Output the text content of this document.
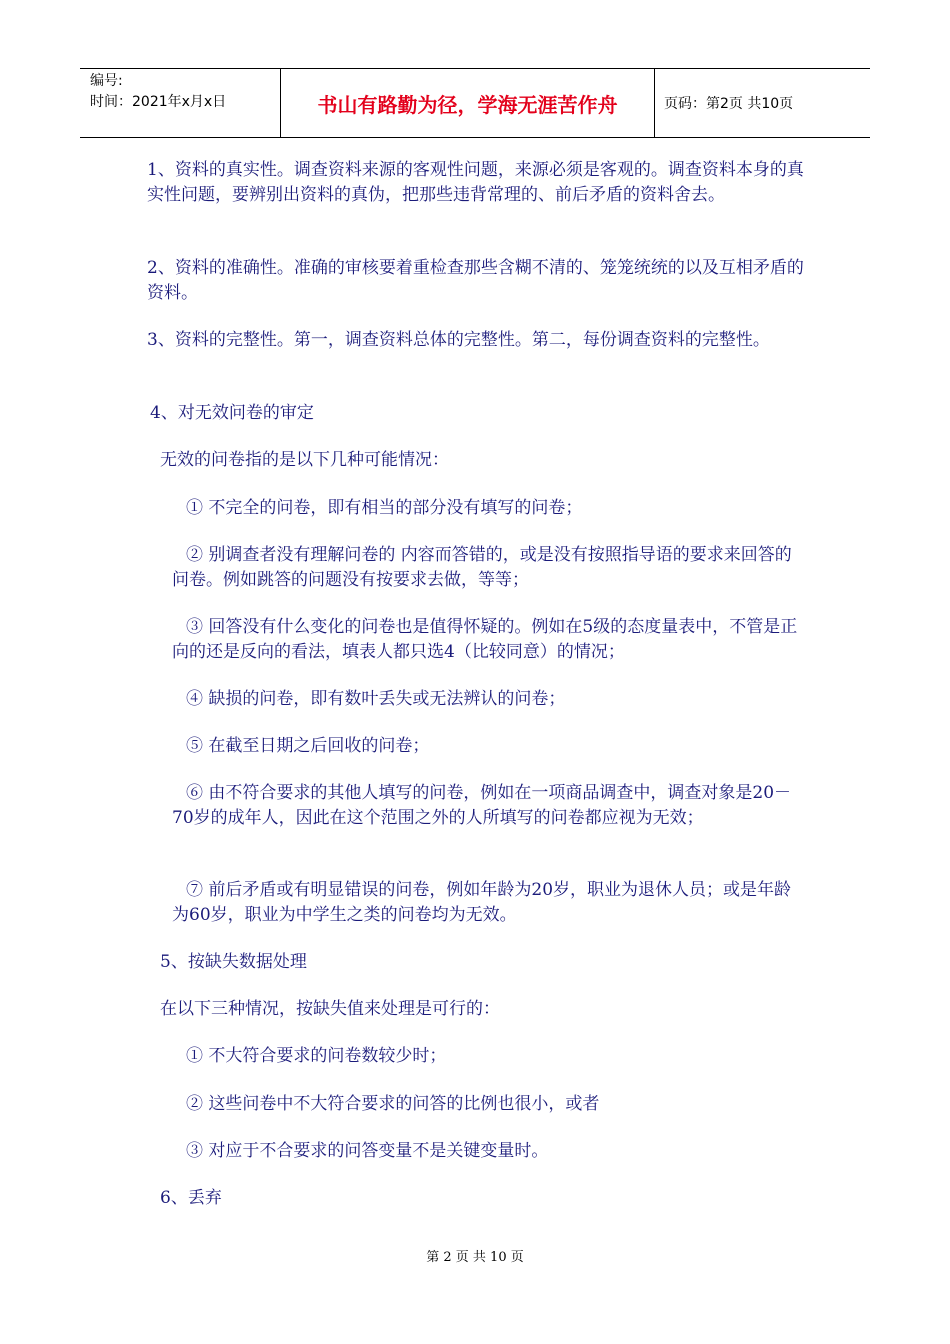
编号:
时间：2021年x月x日	书山有路勤为径，学海无涯苦作舟	页码：第2页 共10页
1、资料的真实性。调查资料来源的客观性问题，来源必须是客观的。调查资料本身的真实性问题，要辨别出资料的真伪，把那些违背常理的、前后矛盾的资料舍去。
2、资料的准确性。准确的审核要着重检查那些含糊不清的、笼笼统统的以及互相矛盾的资料。
3、资料的完整性。第一，调查资料总体的完整性。第二，每份调查资料的完整性。
4、对无效问卷的审定
无效的问卷指的是以下几种可能情况：
① 不完全的问卷，即有相当的部分没有填写的问卷；
② 别调查者没有理解问卷的 内容而答错的，或是没有按照指导语的要求来回答的问卷。例如跳答的问题没有按要求去做，等等；
③ 回答没有什么变化的问卷也是值得怀疑的。例如在5级的态度量表中，不管是正向的还是反向的看法，填表人都只选4（比较同意）的情况；
④ 缺损的问卷，即有数叶丢失或无法辨认的问卷；
⑤ 在截至日期之后回收的问卷；
⑥ 由不符合要求的其他人填写的问卷，例如在一项商品调查中，调查对象是20－70岁的成年人，因此在这个范围之外的人所填写的问卷都应视为无效；
⑦ 前后矛盾或有明显错误的问卷，例如年龄为20岁，职业为退休人员；或是年龄为60岁，职业为中学生之类的问卷均为无效。
5、按缺失数据处理
在以下三种情况，按缺失值来处理是可行的：
① 不大符合要求的问卷数较少时；
② 这些问卷中不大符合要求的问答的比例也很小，或者
③ 对应于不合要求的问答变量不是关键变量时。
6、丢弃
第 2 页 共 10 页
